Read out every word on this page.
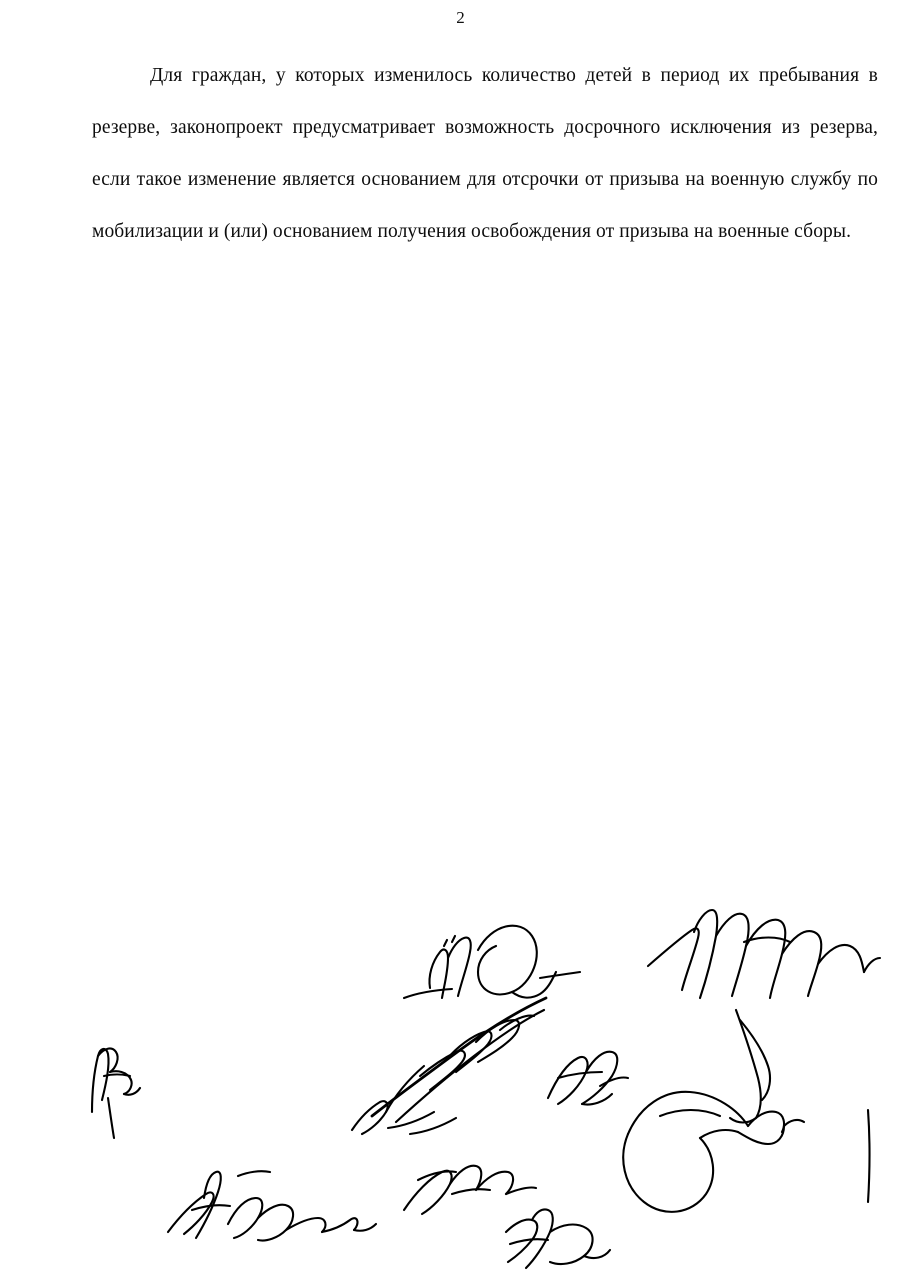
2
Для граждан, у которых изменилось количество детей в период их пребывания в резерве, законопроект предусматривает возможность досрочного исключения из резерва, если такое изменение является основанием для отсрочки от призыва на военную службу по мобилизации и (или) основанием получения освобождения от призыва на военные сборы.
